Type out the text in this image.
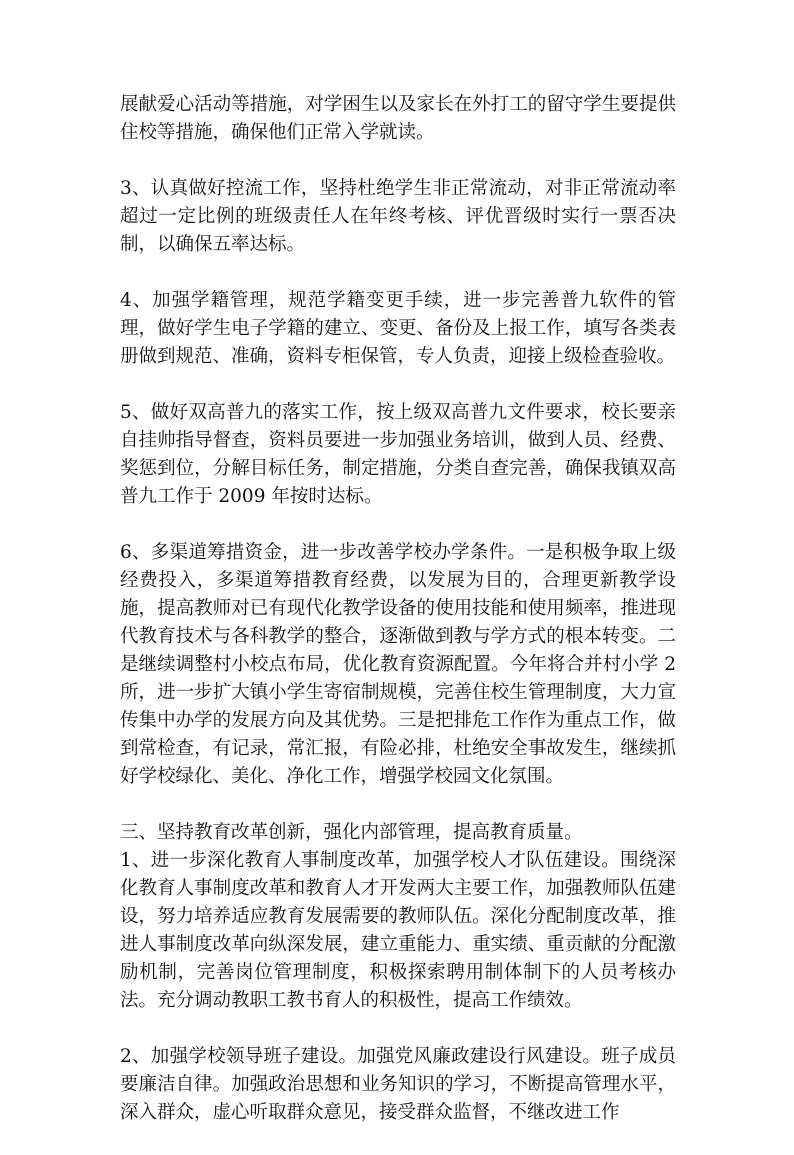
展献爱心活动等措施，对学困生以及家长在外打工的留守学生要提供住校等措施，确保他们正常入学就读。

3、认真做好控流工作，坚持杜绝学生非正常流动，对非正常流动率超过一定比例的班级责任人在年终考核、评优晋级时实行一票否决制，以确保五率达标。

4、加强学籍管理，规范学籍变更手续，进一步完善普九软件的管理，做好学生电子学籍的建立、变更、备份及上报工作，填写各类表册做到规范、准确，资料专柜保管，专人负责，迎接上级检查验收。

5、做好双高普九的落实工作，按上级双高普九文件要求，校长要亲自挂帅指导督查，资料员要进一步加强业务培训，做到人员、经费、奖惩到位，分解目标任务，制定措施，分类自查完善，确保我镇双高普九工作于 2009 年按时达标。

6、多渠道筹措资金，进一步改善学校办学条件。一是积极争取上级经费投入，多渠道筹措教育经费，以发展为目的，合理更新教学设施，提高教师对已有现代化教学设备的使用技能和使用频率，推进现代教育技术与各科教学的整合，逐渐做到教与学方式的根本转变。二是继续调整村小校点布局，优化教育资源配置。今年将合并村小学 2 所，进一步扩大镇小学生寄宿制规模，完善住校生管理制度，大力宣传集中办学的发展方向及其优势。三是把排危工作作为重点工作，做到常检查，有记录，常汇报，有险必排，杜绝安全事故发生，继续抓好学校绿化、美化、净化工作，增强学校园文化氛围。

三、坚持教育改革创新，强化内部管理，提高教育质量。

1、进一步深化教育人事制度改革，加强学校人才队伍建设。围绕深化教育人事制度改革和教育人才开发两大主要工作，加强教师队伍建设，努力培养适应教育发展需要的教师队伍。深化分配制度改革，推进人事制度改革向纵深发展，建立重能力、重实绩、重贡献的分配激励机制，完善岗位管理制度，积极探索聘用制体制下的人员考核办法。充分调动教职工教书育人的积极性，提高工作绩效。

2、加强学校领导班子建设。加强党风廉政建设行风建设。班子成员要廉洁自律。加强政治思想和业务知识的学习，不断提高管理水平，深入群众，虚心听取群众意见，接受群众监督，不继改进工作
